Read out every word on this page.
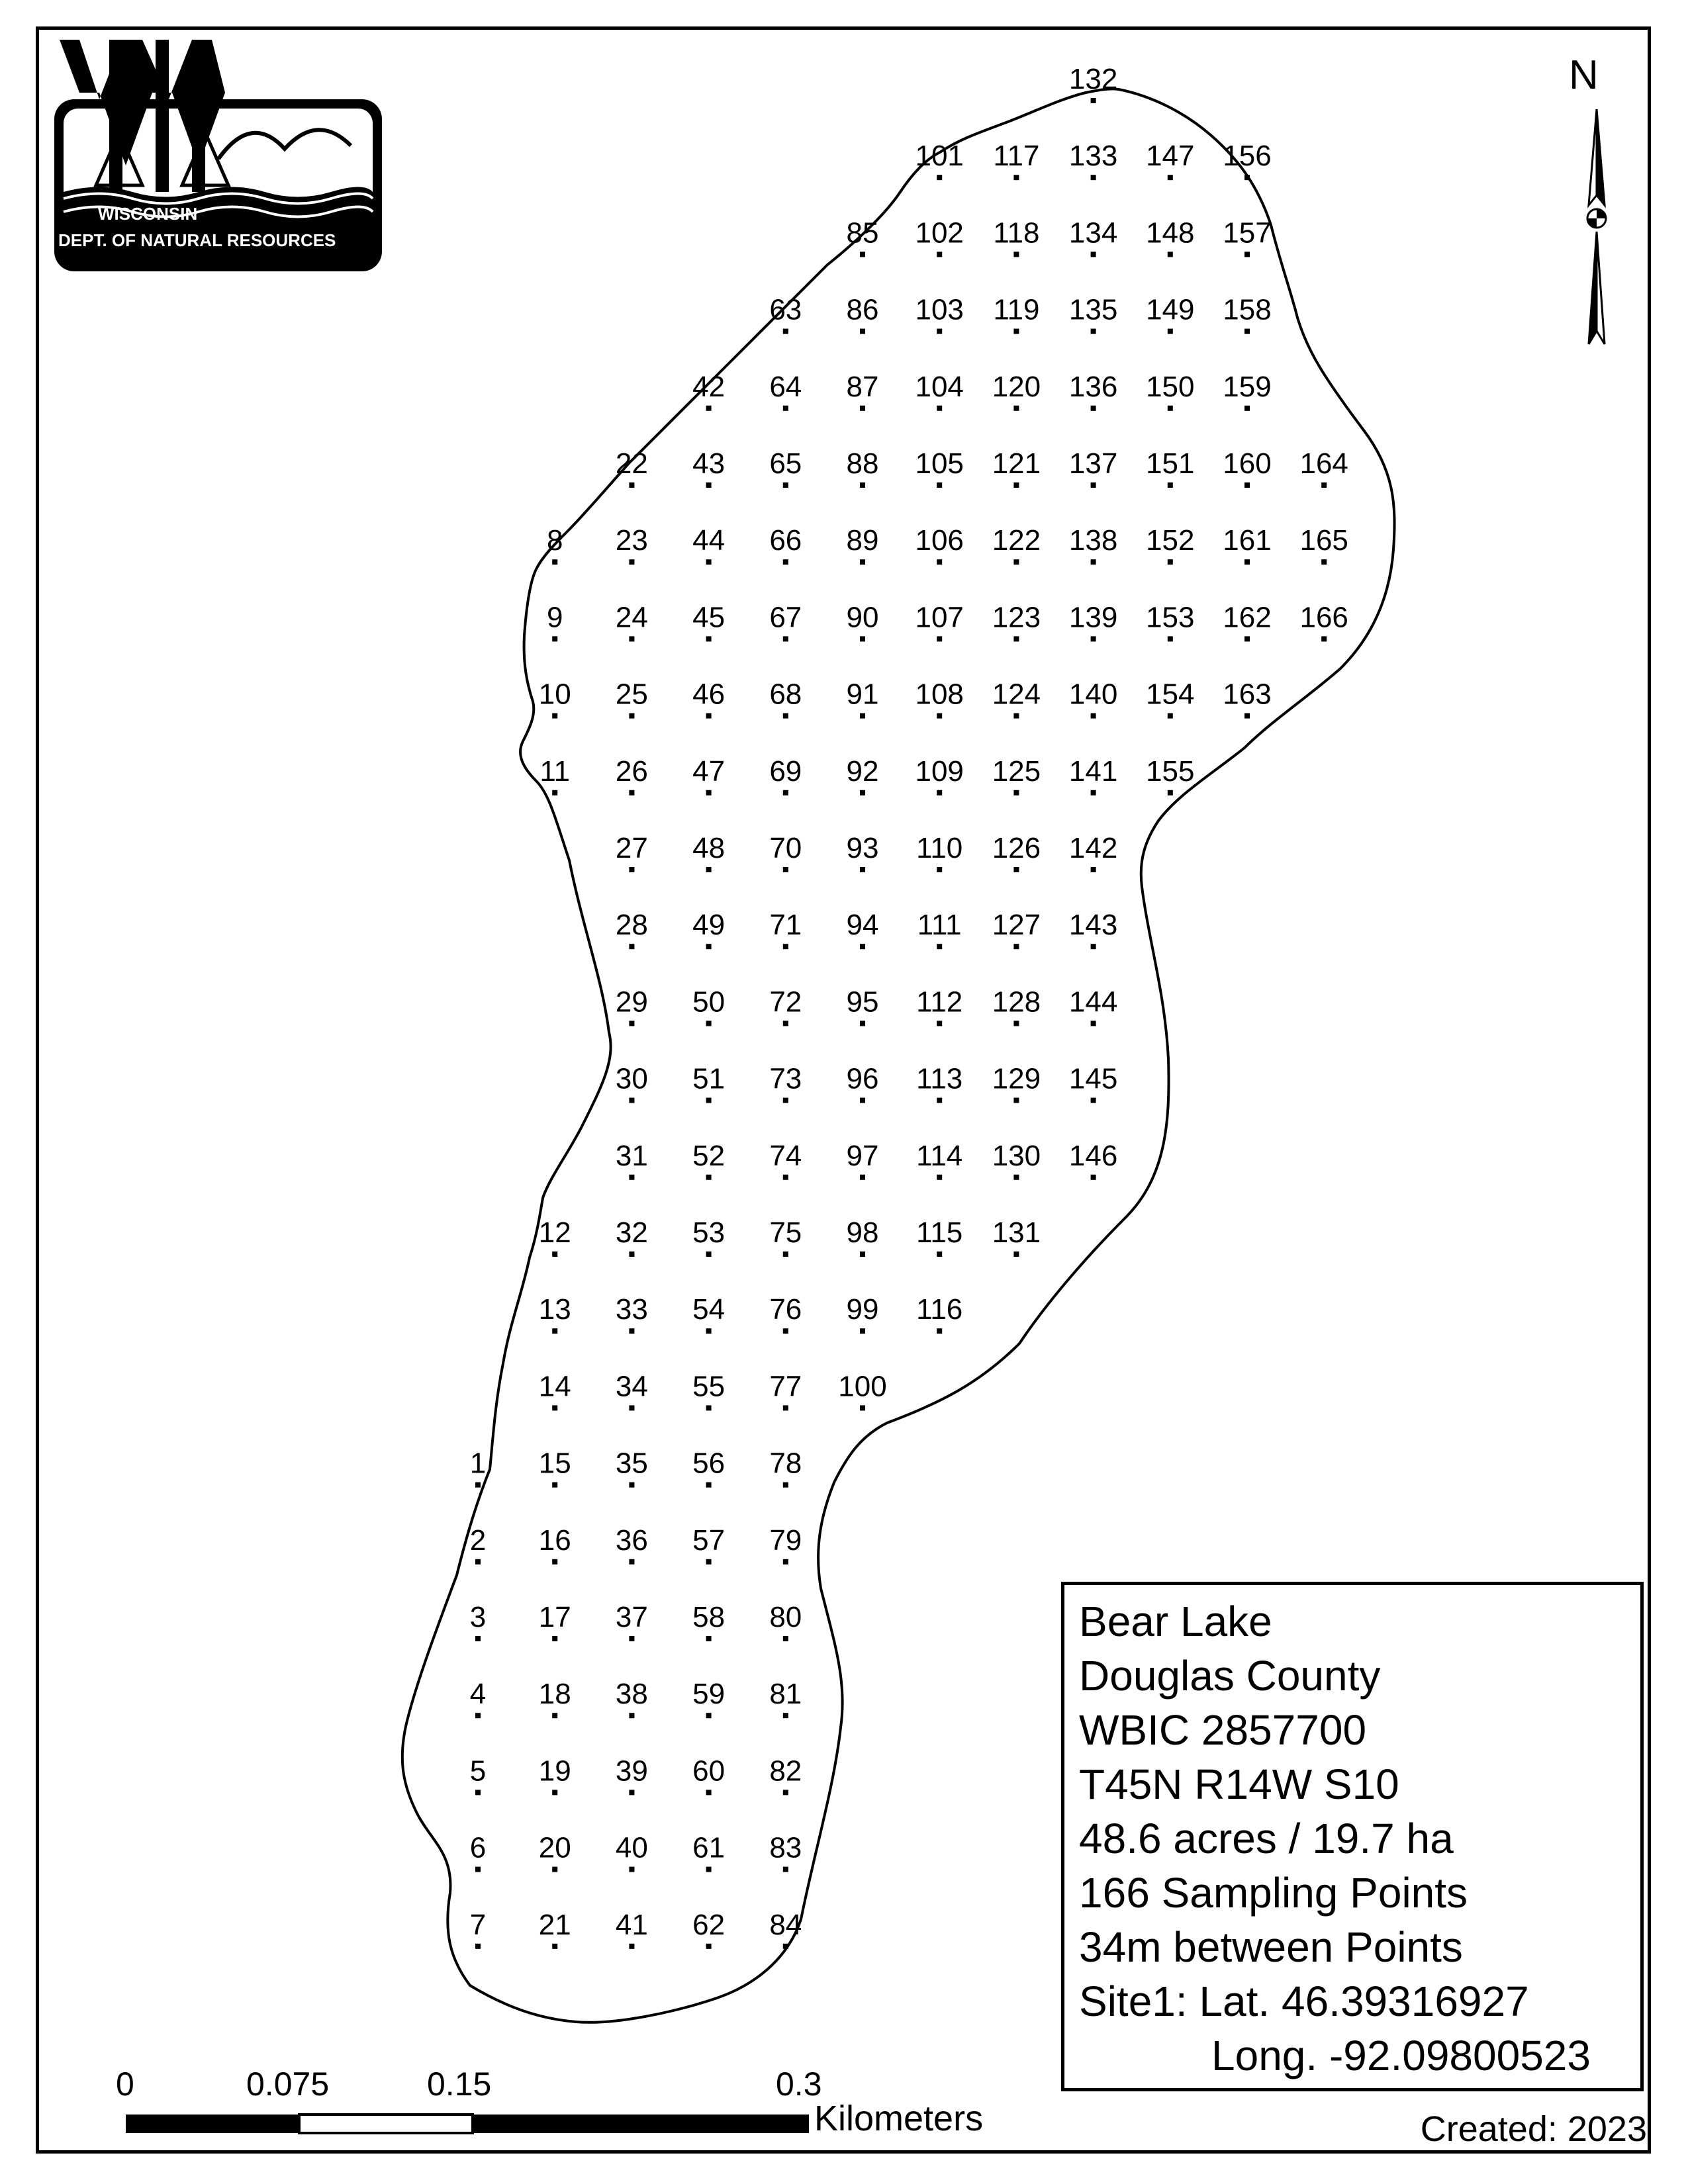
1
2
3
4
5
6
7
8
9
10
11
12
13
14
15
16
17
18
19
20
21
22
23
24
25
26
27
28
29
30
31
32
33
34
35
36
37
38
39
40
41
42
43
44
45
46
47
48
49
50
51
52
53
54
55
56
57
58
59
60
61
62
63
64
65
66
67
68
69
70
71
72
73
74
75
76
77
78
79
80
81
82
83
84
85
86
87
88
89
90
91
92
93
94
95
96
97
98
99
100
101
102
103
104
105
106
107
108
109
110
111
112
113
114
115
116
117
118
119
120
121
122
123
124
125
126
127
128
129
130
131
132
133
134
135
136
137
138
139
140
141
142
143
144
145
146
147
148
149
150
151
152
153
154
155
156
157
158
159
160
161
162
163
164
165
166
WISCONSIN
DEPT. OF NATURAL RESOURCES
N
0	0.075	0.15	0.3
Kilometers
Bear Lake
Douglas County
WBIC 2857700
T45N R14W S10
48.6 acres / 19.7 ha
166 Sampling Points
34m between Points
Site1: Lat. 46.39316927
Long. -92.09800523
Created: 2023
